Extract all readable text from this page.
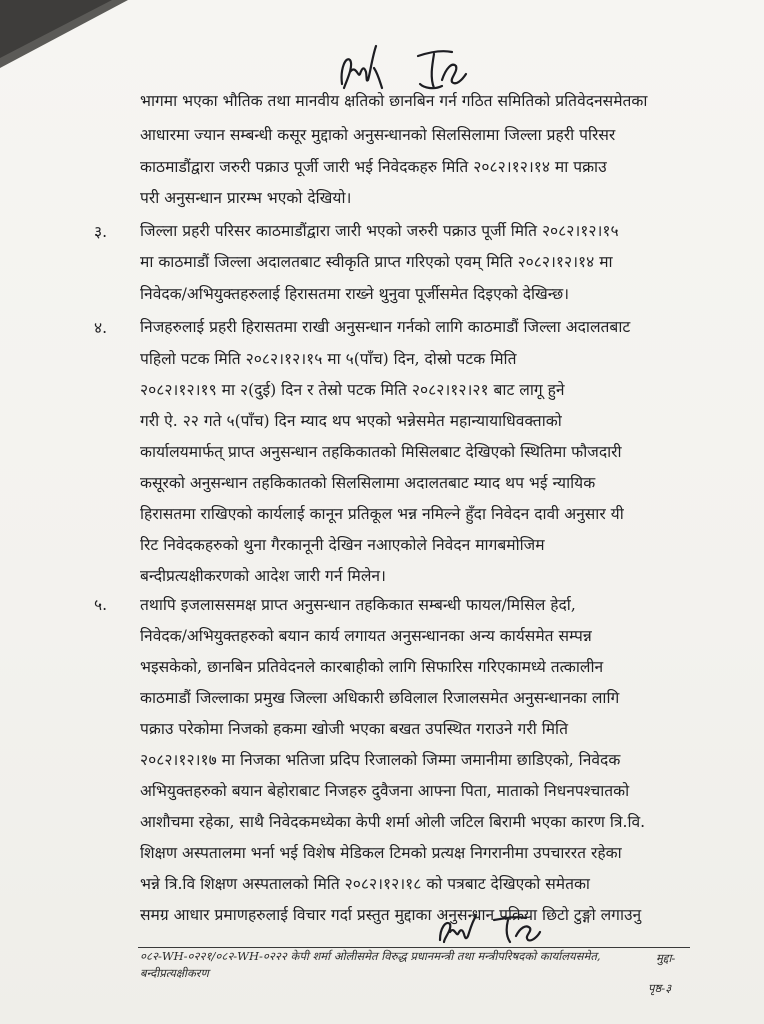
भागमा भएका भौतिक तथा मानवीय क्षतिको छानबिन गर्न गठित समितिको प्रतिवेदनसमेतका
आधारमा ज्यान सम्बन्धी कसूर मुद्दाको अनुसन्धानको सिलसिलामा जिल्ला प्रहरी परिसर
काठमाडौंद्वारा जरुरी पक्राउ पूर्जी जारी भई निवेदकहरु मिति २०८२।१२।१४ मा पक्राउ
परी अनुसन्धान प्रारम्भ भएको देखियो।
३. जिल्ला प्रहरी परिसर काठमाडौंद्वारा जारी भएको जरुरी पक्राउ पूर्जी मिति २०८२।१२।१५
मा काठमाडौं जिल्ला अदालतबाट स्वीकृति प्राप्त गरिएको एवम् मिति २०८२।१२।१४ मा
निवेदक/अभियुक्तहरुलाई हिरासतमा राख्ने थुनुवा पूर्जीसमेत दिइएको देखिन्छ।
४. निजहरुलाई प्रहरी हिरासतमा राखी अनुसन्धान गर्नको लागि काठमाडौं जिल्ला अदालतबाट
पहिलो पटक मिति २०८२।१२।१५ मा ५(पाँच) दिन, दोस्रो पटक मिति
२०८२।१२।१९ मा २(दुई) दिन र तेस्रो पटक मिति २०८२।१२।२१ बाट लागू हुने
गरी ऐ. २२ गते ५(पाँच) दिन म्याद थप भएको भन्नेसमेत महान्यायाधिवक्ताको
कार्यालयमार्फत् प्राप्त अनुसन्धान तहकिकातको मिसिलबाट देखिएको स्थितिमा फौजदारी
कसूरको अनुसन्धान तहकिकातको सिलसिलामा अदालतबाट म्याद थप भई न्यायिक
हिरासतमा राखिएको कार्यलाई कानून प्रतिकूल भन्न नमिल्ने हुँदा निवेदन दावी अनुसार यी
रिट निवेदकहरुको थुना गैरकानूनी देखिन नआएकोले निवेदन मागबमोजिम
बन्दीप्रत्यक्षीकरणको आदेश जारी गर्न मिलेन।
५. तथापि इजलाससमक्ष प्राप्त अनुसन्धान तहकिकात सम्बन्धी फायल/मिसिल हेर्दा,
निवेदक/अभियुक्तहरुको बयान कार्य लगायत अनुसन्धानका अन्य कार्यसमेत सम्पन्न
भइसकेको, छानबिन प्रतिवेदनले कारबाहीको लागि सिफारिस गरिएकामध्ये तत्कालीन
काठमाडौं जिल्लाका प्रमुख जिल्ला अधिकारी छविलाल रिजालसमेत अनुसन्धानका लागि
पक्राउ परेकोमा निजको हकमा खोजी भएका बखत उपस्थित गराउने गरी मिति
२०८२।१२।१७ मा निजका भतिजा प्रदिप रिजालको जिम्मा जमानीमा छाडिएको, निवेदक
अभियुक्तहरुको बयान बेहोराबाट निजहरु दुवैजना आफ्ना पिता, माताको निधनपश्चातको
आशौचमा रहेका, साथै निवेदकमध्येका केपी शर्मा ओली जटिल बिरामी भएका कारण त्रि.वि.
शिक्षण अस्पतालमा भर्ना भई विशेष मेडिकल टिमको प्रत्यक्ष निगरानीमा उपचाररत रहेका
भन्ने त्रि.वि शिक्षण अस्पतालको मिति २०८२।१२।१८ को पत्रबाट देखिएको समेतका
समग्र आधार प्रमाणहरुलाई विचार गर्दा प्रस्तुत मुद्दाका अनुसन्धान प्रक्रिया छिटो टुङ्गो लगाउनु
०८२-WH-०२२१/०८२-WH-०२२२ केपी शर्मा ओलीसमेत विरुद्ध प्रधानमन्त्री तथा मन्त्रीपरिषदको कार्यालयसमेत,	मुद्दा-
बन्दीप्रत्यक्षीकरण
पृष्ठ-३
